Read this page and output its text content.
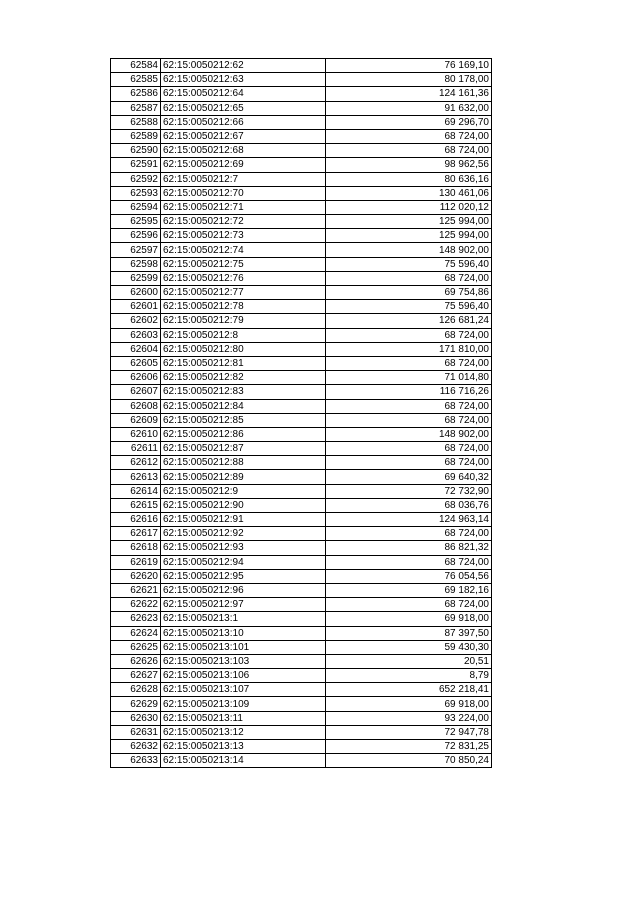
62584	62:15:0050212:62	76 169,10
62585	62:15:0050212:63	80 178,00
62586	62:15:0050212:64	124 161,36
62587	62:15:0050212:65	91 632,00
62588	62:15:0050212:66	69 296,70
62589	62:15:0050212:67	68 724,00
62590	62:15:0050212:68	68 724,00
62591	62:15:0050212:69	98 962,56
62592	62:15:0050212:7	80 636,16
62593	62:15:0050212:70	130 461,06
62594	62:15:0050212:71	112 020,12
62595	62:15:0050212:72	125 994,00
62596	62:15:0050212:73	125 994,00
62597	62:15:0050212:74	148 902,00
62598	62:15:0050212:75	75 596,40
62599	62:15:0050212:76	68 724,00
62600	62:15:0050212:77	69 754,86
62601	62:15:0050212:78	75 596,40
62602	62:15:0050212:79	126 681,24
62603	62:15:0050212:8	68 724,00
62604	62:15:0050212:80	171 810,00
62605	62:15:0050212:81	68 724,00
62606	62:15:0050212:82	71 014,80
62607	62:15:0050212:83	116 716,26
62608	62:15:0050212:84	68 724,00
62609	62:15:0050212:85	68 724,00
62610	62:15:0050212:86	148 902,00
62611	62:15:0050212:87	68 724,00
62612	62:15:0050212:88	68 724,00
62613	62:15:0050212:89	69 640,32
62614	62:15:0050212:9	72 732,90
62615	62:15:0050212:90	68 036,76
62616	62:15:0050212:91	124 963,14
62617	62:15:0050212:92	68 724,00
62618	62:15:0050212:93	86 821,32
62619	62:15:0050212:94	68 724,00
62620	62:15:0050212:95	76 054,56
62621	62:15:0050212:96	69 182,16
62622	62:15:0050212:97	68 724,00
62623	62:15:0050213:1	69 918,00
62624	62:15:0050213:10	87 397,50
62625	62:15:0050213:101	59 430,30
62626	62:15:0050213:103	20,51
62627	62:15:0050213:106	8,79
62628	62:15:0050213:107	652 218,41
62629	62:15:0050213:109	69 918,00
62630	62:15:0050213:11	93 224,00
62631	62:15:0050213:12	72 947,78
62632	62:15:0050213:13	72 831,25
62633	62:15:0050213:14	70 850,24
